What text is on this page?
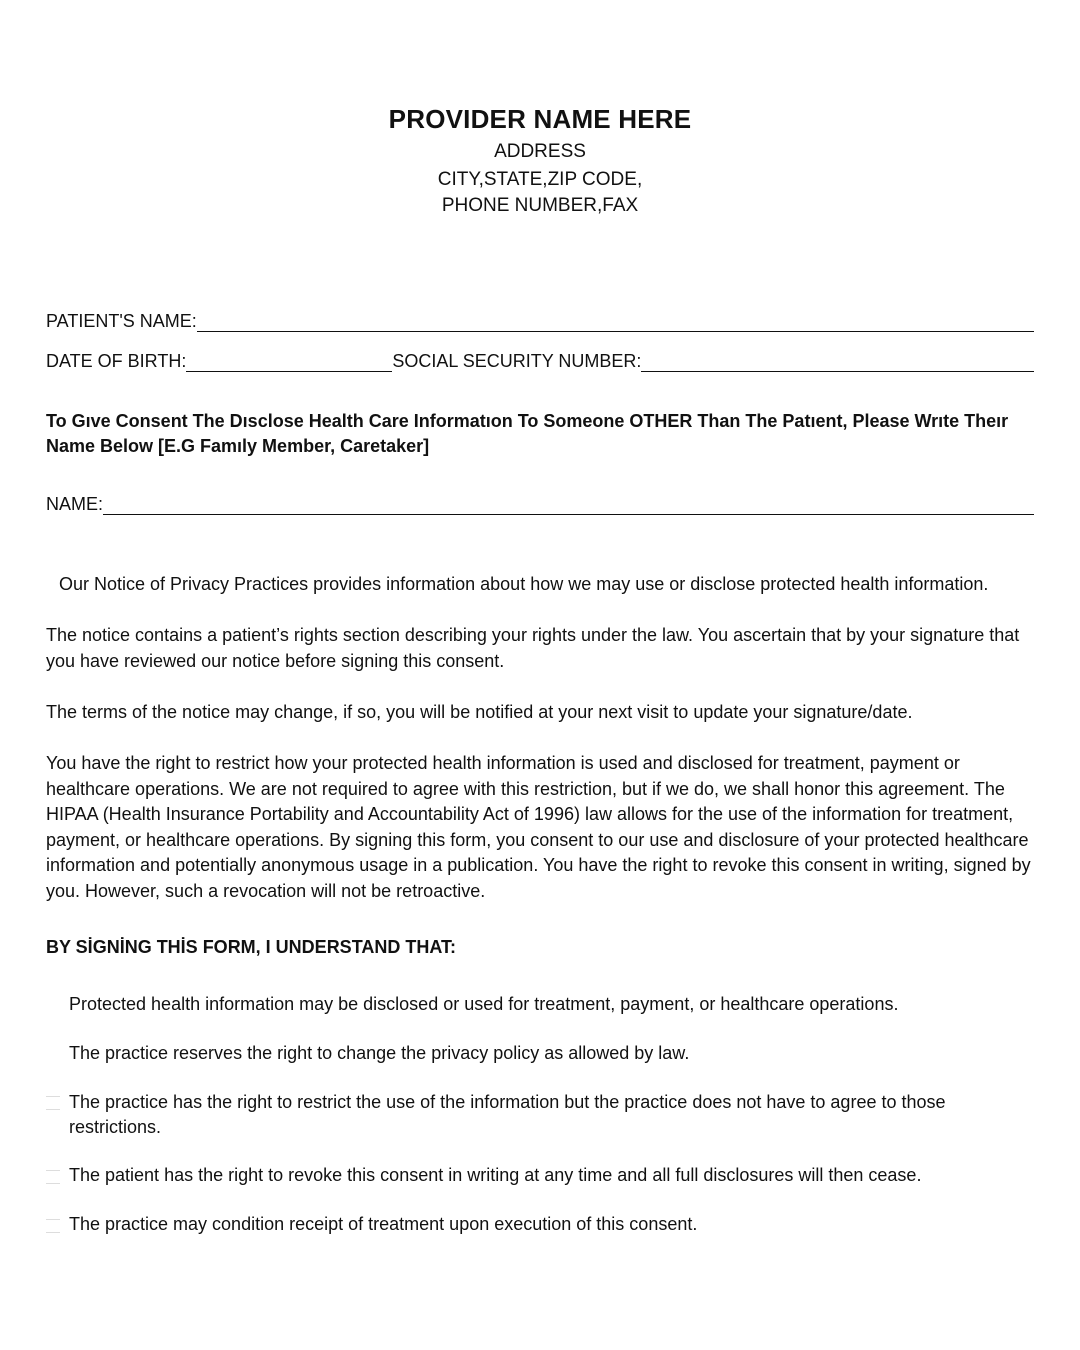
PROVIDER NAME HERE
ADDRESS
CITY,STATE,ZIP CODE,
PHONE NUMBER,FAX
PATIENT'S NAME:
DATE OF BIRTH:	SOCIAL SECURITY NUMBER:
To Gıve Consent The Dısclose Health Care Informatıon To Someone OTHER Than The Patıent, Please Wrıte Theır Name Below [E.G Famıly Member, Caretaker]
NAME:
Our Notice of Privacy Practices provides information about how we may use or disclose protected health information.
The notice contains a patient’s rights section describing your rights under the law. You ascertain that by your signature that you have reviewed our notice before signing this consent.
The terms of the notice may change, if so, you will be notified at your next visit to update your signature/date.
You have the right to restrict how your protected health information is used and disclosed for treatment, payment or healthcare operations. We are not required to agree with this restriction, but if we do, we shall honor this agreement. The HIPAA (Health Insurance Portability and Accountability Act of 1996) law allows for the use of the information for treatment, payment, or healthcare operations. By signing this form, you consent to our use and disclosure of your protected healthcare information and potentially anonymous usage in a publication. You have the right to revoke this consent in writing, signed by you. However, such a revocation will not be retroactive.
BY SİGNİNG THİS FORM, I UNDERSTAND THAT:
Protected health information may be disclosed or used for treatment, payment, or healthcare operations.
The practice reserves the right to change the privacy policy as allowed by law.
The practice has the right to restrict the use of the information but the practice does not have to agree to those restrictions.
The patient has the right to revoke this consent in writing at any time and all full disclosures will then cease.
The practice may condition receipt of treatment upon execution of this consent.
